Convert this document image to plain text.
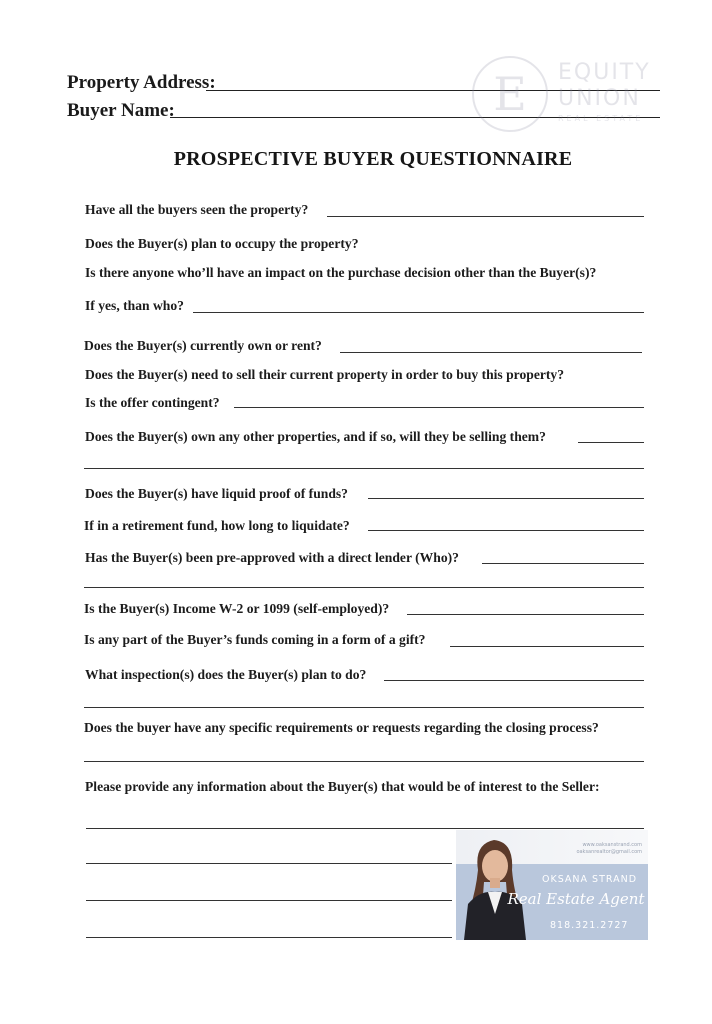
Property Address:
Buyer Name:	E	EQUITY
UNION
REAL ESTATE
PROSPECTIVE BUYER QUESTIONNAIRE
Have all the buyers seen the property?
Does the Buyer(s) plan to occupy the property?
Is there anyone who’ll have an impact on the purchase decision other than the Buyer(s)?
If yes, than who?
Does the Buyer(s) currently own or rent?
Does the Buyer(s) need to sell their current property in order to buy this property?
Is the offer contingent?
Does the Buyer(s) own any other properties, and if so, will they be selling them?
Does the Buyer(s) have liquid proof of funds?
If in a retirement fund, how long to liquidate?
Has the Buyer(s) been pre-approved with a direct lender (Who)?
Is the Buyer(s) Income W-2 or 1099 (self-employed)?
Is any part of the Buyer’s funds coming in a form of a gift?
What inspection(s) does the Buyer(s) plan to do?
Does the buyer have any specific requirements or requests regarding the closing process?
Please provide any information about the Buyer(s) that would be of interest to the Seller:
www.oaksanstrand.com
oaksanrealtor@gmail.com
OKSANA STRAND
Real Estate Agent
818.321.2727
